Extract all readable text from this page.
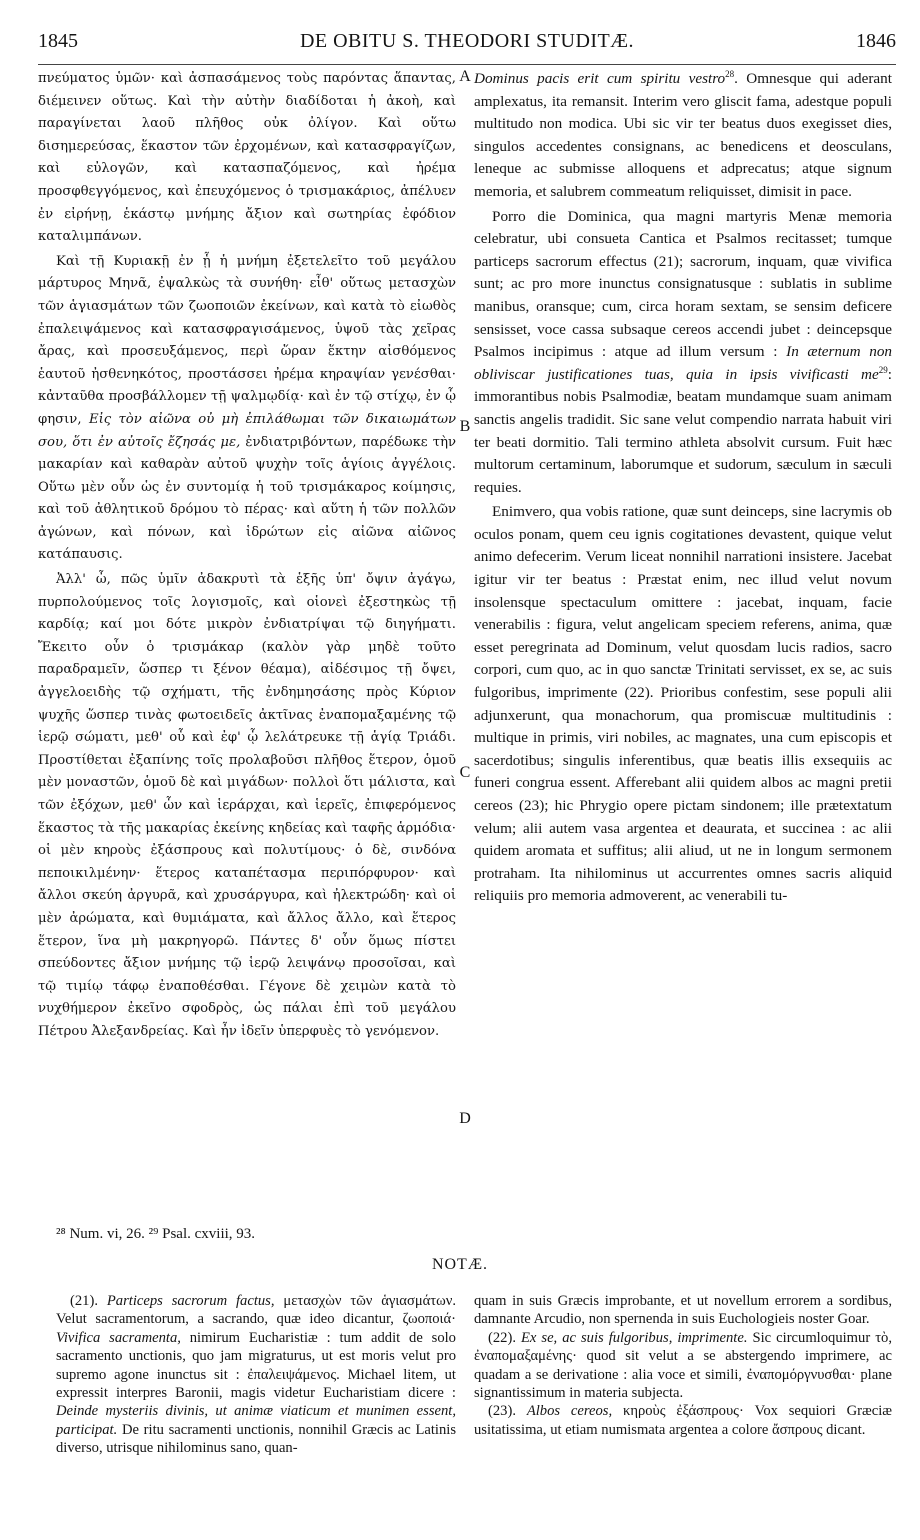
1845	DE OBITU S. THEODORI STUDITÆ.	1846

πνεύματος ὑμῶν· καὶ ἀσπασάμενος τοὺς παρόντας ἅπαντας, διέμεινεν οὕτως. Καὶ τὴν αὐτὴν διαδίδοται ἡ ἀκοὴ, καὶ παραγίνεται λαοῦ πλῆθος οὐκ ὀλίγον. Καὶ οὕτω δισημερεύσας, ἕκαστον τῶν ἐρχομένων, καὶ κατασφραγίζων, καὶ εὐλογῶν, καὶ κατασπαζόμενος, καὶ ἠρέμα προσφθεγγόμενος, καὶ ἐπευχόμενος ὁ τρισμακάριος, ἀπέλυεν ἐν εἰρήνῃ, ἑκάστῳ μνήμης ἄξιον καὶ σωτηρίας ἐφόδιον καταλιμπάνων.

Καὶ τῇ Κυριακῇ ἐν ᾗ ἡ μνήμη ἐξετελεῖτο τοῦ μεγάλου μάρτυρος Μηνᾶ, ἐψαλκὼς τὰ συνήθη· εἶθ' οὕτως μετασχὼν τῶν ἁγιασμάτων τῶν ζωοποιῶν ἐκείνων, καὶ κατὰ τὸ εἰωθὸς ἐπαλειψάμενος καὶ κατασφραγισάμενος, ὑψοῦ τὰς χεῖρας ἄρας, καὶ προσευξάμενος, περὶ ὥραν ἕκτην αἰσθόμενος ἑαυτοῦ ἠσθενηκότος, προστάσσει ἠρέμα κηραψίαν γενέσθαι· κἀνταῦθα προσβάλλομεν τῇ ψαλμῳδίᾳ· καὶ ἐν τῷ στίχῳ, ἐν ᾧ φησιν, Εἰς τὸν αἰῶνα οὐ μὴ ἐπιλάθωμαι τῶν δικαιωμάτων σου, ὅτι ἐν αὐτοῖς ἔζησάς με, ἐνδιατριβόντων, παρέδωκε τὴν μακαρίαν καὶ καθαρὰν αὐτοῦ ψυχὴν τοῖς ἁγίοις ἀγγέλοις. Οὕτω μὲν οὖν ὡς ἐν συντομίᾳ ἡ τοῦ τρισμάκαρος κοίμησις, καὶ τοῦ ἀθλητικοῦ δρόμου τὸ πέρας· καὶ αὕτη ἡ τῶν πολλῶν ἀγώνων, καὶ πόνων, καὶ ἱδρώτων εἰς αἰῶνα αἰῶνος κατάπαυσις.

Ἀλλ' ὦ, πῶς ὑμῖν ἀδακρυτὶ τὰ ἑξῆς ὑπ' ὄψιν ἀγάγω, πυρπολούμενος τοῖς λογισμοῖς, καὶ οἱονεὶ ἐξεστηκὼς τῇ καρδίᾳ; καί μοι δότε μικρὸν ἐνδιατρίψαι τῷ διηγήματι. Ἔκειτο οὖν ὁ τρισμάκαρ (καλὸν γὰρ μηδὲ τοῦτο παραδραμεῖν, ὥσπερ τι ξένον θέαμα), αἰδέσιμος τῇ ὄψει, ἀγγελοειδὴς τῷ σχήματι, τῆς ἐνδημησάσης πρὸς Κύριον ψυχῆς ὥσπερ τινὰς φωτοειδεῖς ἀκτῖνας ἐναπομαξαμένης τῷ ἱερῷ σώματι, μεθ' οὗ καὶ ἐφ' ᾧ λελάτρευκε τῇ ἁγίᾳ Τριάδι. Προστίθεται ἐξαπίνης τοῖς προλαβοῦσι πλῆθος ἕτερον, ὁμοῦ μὲν μοναστῶν, ὁμοῦ δὲ καὶ μιγάδων· πολλοὶ ὅτι μάλιστα, καὶ τῶν ἐξόχων, μεθ' ὧν καὶ ἱεράρχαι, καὶ ἱερεῖς, ἐπιφερόμενος ἕκαστος τὰ τῆς μακαρίας ἐκείνης κηδείας καὶ ταφῆς ἁρμόδια· οἱ μὲν κηροὺς ἐξάσπρους καὶ πολυτίμους· ὁ δὲ, σινδόνα πεποικιλμένην· ἕτερος καταπέτασμα περιπόρφυρον· καὶ ἄλλοι σκεύη ἀργυρᾶ, καὶ χρυσάργυρα, καὶ ἠλεκτρώδη· καὶ οἱ μὲν ἀρώματα, καὶ θυμιάματα, καὶ ἄλλος ἄλλο, καὶ ἕτερος ἕτερον, ἵνα μὴ μακρηγορῶ. Πάντες δ' οὖν ὅμως πίστει σπεύδοντες ἄξιον μνήμης τῷ ἱερῷ λειψάνῳ προσοῖσαι, καὶ τῷ τιμίῳ τάφῳ ἐναποθέσθαι. Γέγονε δὲ χειμὼν κατὰ τὸ νυχθήμερον ἐκεῖνο σφοδρὸς, ὡς πάλαι ἐπὶ τοῦ μεγάλου Πέτρου Ἀλεξανδρείας. Καὶ ἦν ἰδεῖν ὑπερφυὲς τὸ γενόμενον.

A
B
C
D

Dominus pacis erit cum spiritu vestro$^{28}$. Omnesque qui aderant amplexatus, ita remansit. Interim vero gliscit fama, adestque populi multitudo non modica. Ubi sic vir ter beatus duos exegisset dies, singulos accedentes consignans, ac benedicens et deosculans, leneque ac submisse alloquens et adprecatus; atque signum memoria, et salubrem commeatum reliquisset, dimisit in pace.

Porro die Dominica, qua magni martyris Menæ memoria celebratur, ubi consueta Cantica et Psalmos recitasset; tumque particeps sacrorum effectus (21); sacrorum, inquam, quæ vivifica sunt; ac pro more inunctus consignatusque : sublatis in sublime manibus, oransque; cum, circa horam sextam, se sensim deficere sensisset, voce cassa subsaque cereos accendi jubet : deincepsque Psalmos incipimus : atque ad illum versum : In æternum non obliviscar justificationes tuas, quia in ipsis vivificasti $me^{29}$: immorantibus nobis Psalmodiæ, beatam mundamque suam animam sanctis angelis tradidit. Sic sane velut compendio narrata habuit viri ter beati dormitio. Tali termino athleta absolvit cursum. Fuit hæc multorum certaminum, laborumque et sudorum, sæculum in sæculi requies.

Enimvero, qua vobis ratione, quæ sunt deinceps, sine lacrymis ob oculos ponam, quem ceu ignis cogitationes devastent, quique velut animo defecerim. Verum liceat nonnihil narrationi insistere. Jacebat igitur vir ter beatus : Præstat enim, nec illud velut novum insolensque spectaculum omittere : jacebat, inquam, facie venerabilis : figura, velut angelicam speciem referens, anima, quæ esset peregrinata ad Dominum, velut quosdam lucis radios, sacro corpori, cum quo, ac in quo sanctæ Trinitati servisset, ex se, ac suis fulgoribus, imprimente (22). Prioribus confestim, sese populi alii adjunxerunt, qua monachorum, qua promiscuæ multitudinis : multique in primis, viri nobiles, ac magnates, una cum episcopis et sacerdotibus; singulis inferentibus, quæ beatis illis exsequiis ac funeri congrua essent. Afferebant alii quidem albos ac magni pretii cereos (23); hic Phrygio opere pictam sindonem; ille prætextatum velum; alii autem vasa argentea et deaurata, et succinea : ac alii quidem aromata et suffitus; alii aliud, ut ne in longum sermonem protraham. Ita nihilominus ut accurrentes omnes sacris aliquid reliquiis pro memoria admoverent, ac venerabili tu-

²⁸ Num. vi, 26. ²⁹ Psal. cxviii, 93.
NOTÆ.

(21). Particeps sacrorum factus, μετασχὼν τῶν ἁγιασμάτων. Velut sacramentorum, a sacrando, quæ ideo dicantur, ζωοποιά· Vivifica sacramenta, nimirum Eucharistiæ : tum addit de solo sacramento unctionis, quo jam migraturus, ut est moris velut pro supremo agone inunctus sit : ἐπαλειψάμενος. Michael litem, ut expressit interpres Baronii, magis videtur Eucharistiam dicere : Deinde mysteriis divinis, ut animæ viaticum et munimen essent, participat. De ritu sacramenti unctionis, nonnihil Græcis ac Latinis diverso, utrisque nihilominus sano, quan-

quam in suis Græcis improbante, et ut novellum errorem a sordibus, damnante Arcudio, non spernenda in suis Euchologieis noster Goar.

(22). Ex se, ac suis fulgoribus, imprimente. Sic circumloquimur τὸ, ἐναπομαξαμένης· quod sit velut a se abstergendo imprimere, ac quadam a se derivatione : alia voce et simili, ἐναπομόργνυσθαι· plane signantissimum in materia subjecta.

(23). Albos cereos, κηροὺς ἐξάσπρους· Vox sequiori Græciæ usitatissima, ut etiam numismata argentea a colore ἄσπρους dicant.
